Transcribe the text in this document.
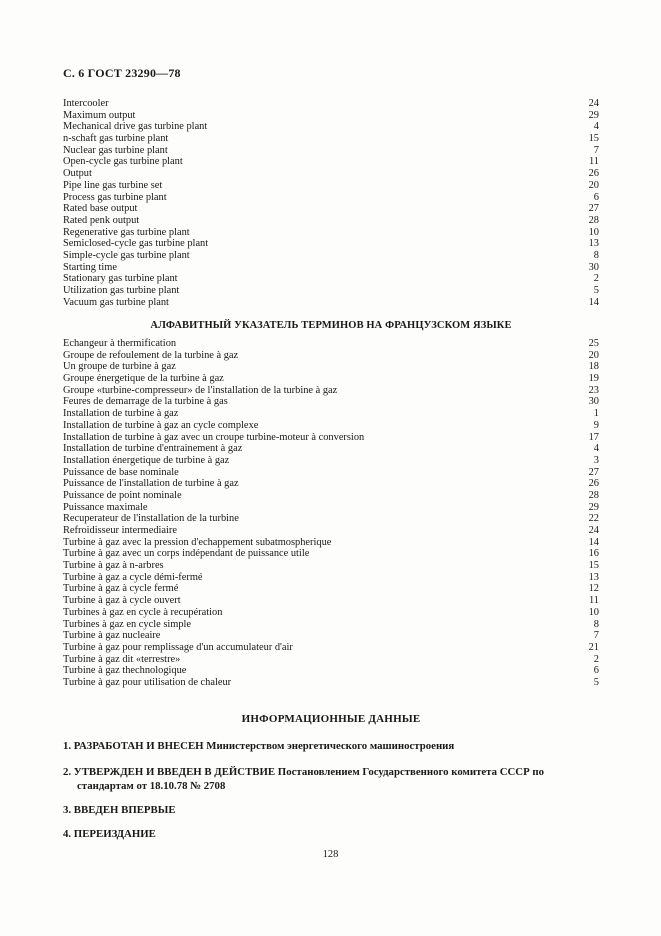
С. 6 ГОСТ 23290—78
Intercooler	24
Maximum output	29
Mechanical drive gas turbine plant	4
n-schaft gas turbine plant	15
Nuclear gas turbine plant	7
Open-cycle gas turbine plant	11
Output	26
Pipe line gas turbine set	20
Process gas turbine plant	6
Rated base output	27
Rated penk output	28
Regenerative gas turbine plant	10
Semiclosed-cycle gas turbine plant	13
Simple-cycle gas turbine plant	8
Starting time	30
Stationary gas turbine plant	2
Utilization gas turbine plant	5
Vacuum gas turbine plant	14
АЛФАВИТНЫЙ УКАЗАТЕЛЬ ТЕРМИНОВ НА ФРАНЦУЗСКОМ ЯЗЫКЕ
Echangeur à thermification	25
Groupe de refoulement de la turbine à gaz	20
Un groupe de turbine à gaz	18
Groupe énergetique de la turbine à gaz	19
Groupe «turbine-compresseur» de l'installation de la turbine à gaz	23
Feures de demarrage de la turbine à gas	30
Installation de turbine à gaz	1
Installation de turbine à gaz an cycle complexe	9
Installation de turbine à gaz avec un croupe turbine-moteur à conversion	17
Installation de turbine d'entrainement à gaz	4
Installation énergetique de turbine à gaz	3
Puissance de base nominale	27
Puissance de l'installation de turbine à gaz	26
Puissance de point nominale	28
Puissance maximale	29
Recuperateur de l'installation de la turbine	22
Refroidisseur intermediaire	24
Turbine à gaz avec la pression d'echappement subatmospherique	14
Turbine à gaz avec un corps indépendant de puissance utile	16
Turbine à gaz à n-arbres	15
Turbine à gaz a cycle démi-fermé	13
Turbine à gaz à cycle fermé	12
Turbine à gaz à cycle ouvert	11
Turbines à gaz en cycle à recupération	10
Turbines à gaz en cycle simple	8
Turbine à gaz nucleaire	7
Turbine à gaz pour remplissage d'un accumulateur d'air	21
Turbine à gaz dit «terrestre»	2
Turbine à gaz thechnologique	6
Turbine à gaz pour utilisation de chaleur	5
ИНФОРМАЦИОННЫЕ ДАННЫЕ
1. РАЗРАБОТАН И ВНЕСЕН Министерством энергетического машиностроения
2. УТВЕРЖДЕН И ВВЕДЕН В ДЕЙСТВИЕ Постановлением Государственного комитета СССР по
стандартам от 18.10.78 № 2708
3. ВВЕДЕН ВПЕРВЫЕ
4. ПЕРЕИЗДАНИЕ
128
